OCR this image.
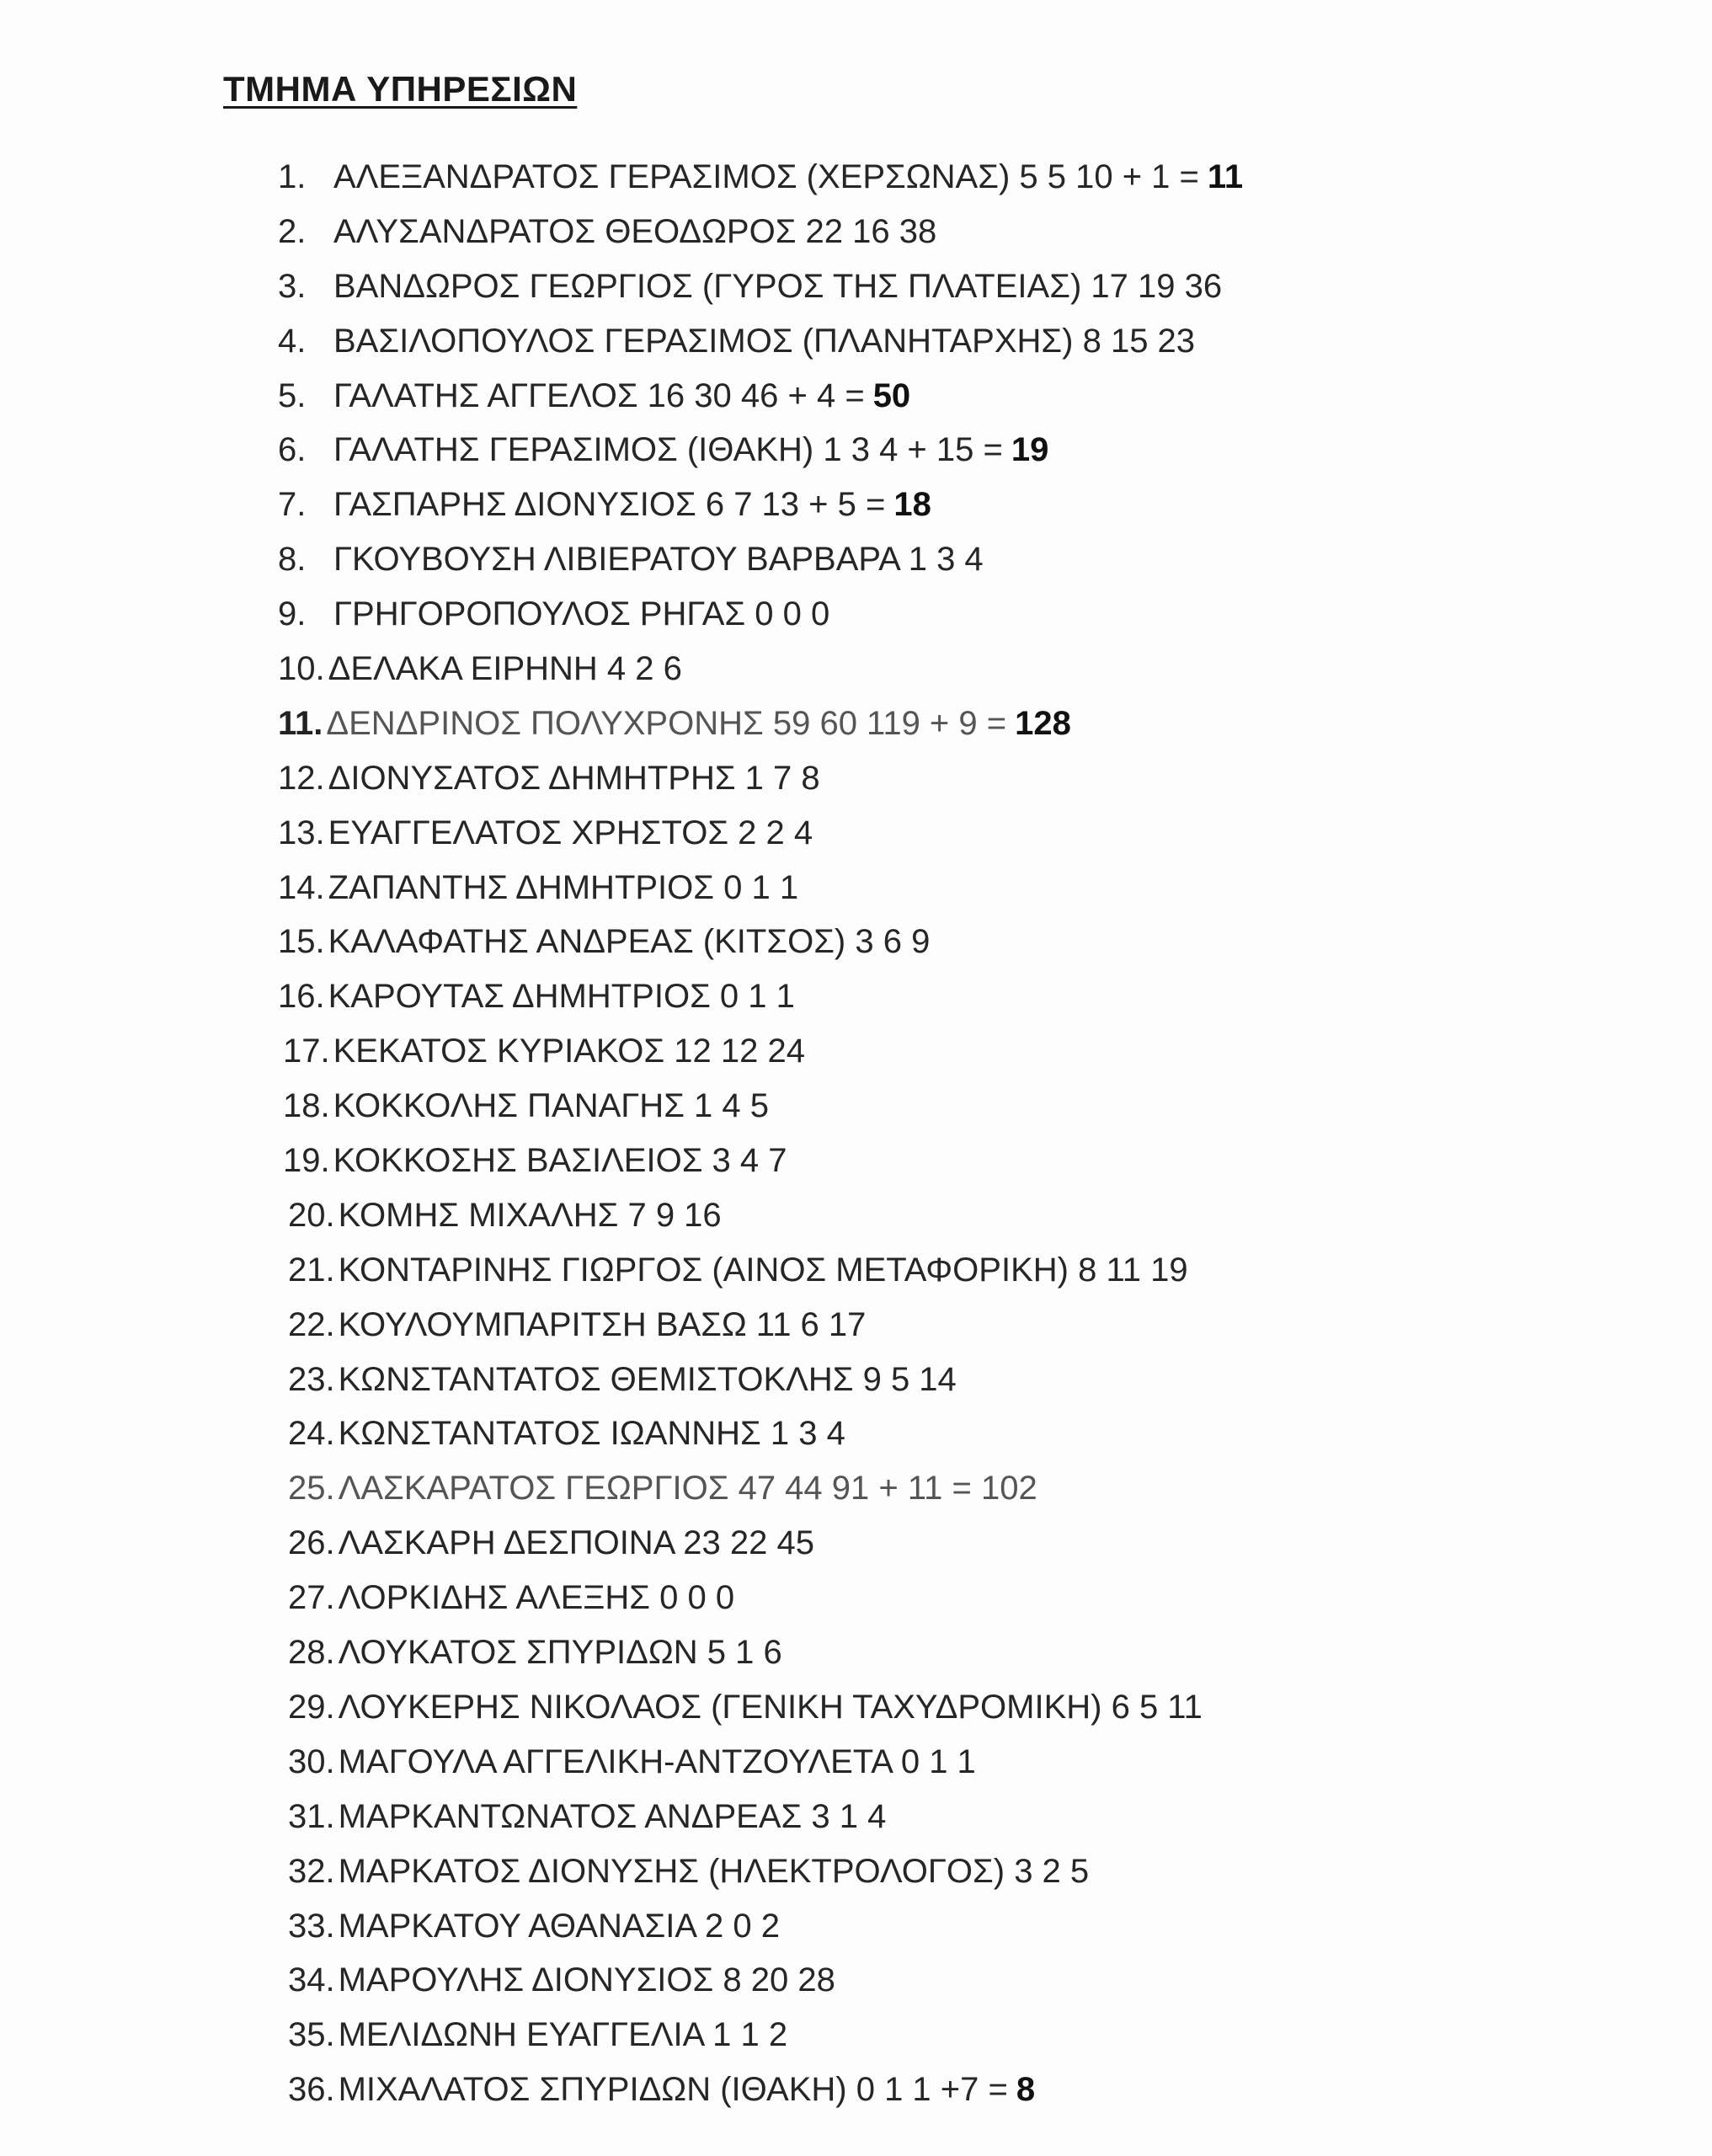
ΤΜΗΜΑ ΥΠΗΡΕΣΙΩΝ
1. ΑΛΕΞΑΝΔΡΑΤΟΣ ΓΕΡΑΣΙΜΟΣ (ΧΕΡΣΩΝΑΣ) 5 5 10 + 1 = 11
2. ΑΛΥΣΑΝΔΡΑΤΟΣ ΘΕΟΔΩΡΟΣ 22 16 38
3. ΒΑΝΔΩΡΟΣ ΓΕΩΡΓΙΟΣ (ΓΥΡΟΣ ΤΗΣ ΠΛΑΤΕΙΑΣ) 17 19 36
4. ΒΑΣΙΛΟΠΟΥΛΟΣ ΓΕΡΑΣΙΜΟΣ (ΠΛΑΝΗΤΑΡΧΗΣ) 8 15 23
5. ΓΑΛΑΤΗΣ ΑΓΓΕΛΟΣ 16 30 46 + 4 = 50
6. ΓΑΛΑΤΗΣ ΓΕΡΑΣΙΜΟΣ (ΙΘΑΚΗ) 1 3 4 + 15 = 19
7. ΓΑΣΠΑΡΗΣ ΔΙΟΝΥΣΙΟΣ 6 7 13 + 5 = 18
8. ΓΚΟΥΒΟΥΣΗ ΛΙΒΙΕΡΑΤΟΥ ΒΑΡΒΑΡΑ 1 3 4
9. ΓΡΗΓΟΡΟΠΟΥΛΟΣ ΡΗΓΑΣ 0 0 0
10. ΔΕΛΑΚΑ ΕΙΡΗΝΗ 4 2 6
11. ΔΕΝΔΡΙΝΟΣ ΠΟΛΥΧΡΟΝΗΣ 59 60 119 + 9 = 128
12. ΔΙΟΝΥΣΑΤΟΣ ΔΗΜΗΤΡΗΣ 1 7 8
13. ΕΥΑΓΓΕΛΑΤΟΣ ΧΡΗΣΤΟΣ 2 2 4
14. ΖΑΠΑΝΤΗΣ ΔΗΜΗΤΡΙΟΣ 0 1 1
15. ΚΑΛΑΦΑΤΗΣ ΑΝΔΡΕΑΣ (ΚΙΤΣΟΣ) 3 6 9
16. ΚΑΡΟΥΤΑΣ ΔΗΜΗΤΡΙΟΣ 0 1 1
17. ΚΕΚΑΤΟΣ ΚΥΡΙΑΚΟΣ 12 12 24
18. ΚΟΚΚΟΛΗΣ ΠΑΝΑΓΗΣ 1 4 5
19. ΚΟΚΚΟΣΗΣ ΒΑΣΙΛΕΙΟΣ 3 4 7
20. ΚΟΜΗΣ ΜΙΧΑΛΗΣ 7 9 16
21. ΚΟΝΤΑΡΙΝΗΣ ΓΙΩΡΓΟΣ (ΑΙΝΟΣ ΜΕΤΑΦΟΡΙΚΗ) 8 11 19
22. ΚΟΥΛΟΥΜΠΑΡΙΤΣΗ ΒΑΣΩ 11 6 17
23. ΚΩΝΣΤΑΝΤΑΤΟΣ ΘΕΜΙΣΤΟΚΛΗΣ 9 5 14
24. ΚΩΝΣΤΑΝΤΑΤΟΣ ΙΩΑΝΝΗΣ 1 3 4
25. ΛΑΣΚΑΡΑΤΟΣ ΓΕΩΡΓΙΟΣ 47 44 91 + 11 = 102
26. ΛΑΣΚΑΡΗ ΔΕΣΠΟΙΝΑ 23 22 45
27. ΛΟΡΚΙΔΗΣ ΑΛΕΞΗΣ 0 0 0
28. ΛΟΥΚΑΤΟΣ ΣΠΥΡΙΔΩΝ 5 1 6
29. ΛΟΥΚΕΡΗΣ ΝΙΚΟΛΑΟΣ (ΓΕΝΙΚΗ ΤΑΧΥΔΡΟΜΙΚΗ) 6 5 11
30. ΜΑΓΟΥΛΑ ΑΓΓΕΛΙΚΗ-ΑΝΤΖΟΥΛΕΤΑ 0 1 1
31. ΜΑΡΚΑΝΤΩΝΑΤΟΣ ΑΝΔΡΕΑΣ 3 1 4
32. ΜΑΡΚΑΤΟΣ ΔΙΟΝΥΣΗΣ (ΗΛΕΚΤΡΟΛΟΓΟΣ) 3 2 5
33. ΜΑΡΚΑΤΟΥ ΑΘΑΝΑΣΙΑ 2 0 2
34. ΜΑΡΟΥΛΗΣ ΔΙΟΝΥΣΙΟΣ 8 20 28
35. ΜΕΛΙΔΩΝΗ ΕΥΑΓΓΕΛΙΑ 1 1 2
36. ΜΙΧΑΛΑΤΟΣ ΣΠΥΡΙΔΩΝ (ΙΘΑΚΗ) 0 1 1 +7 = 8
